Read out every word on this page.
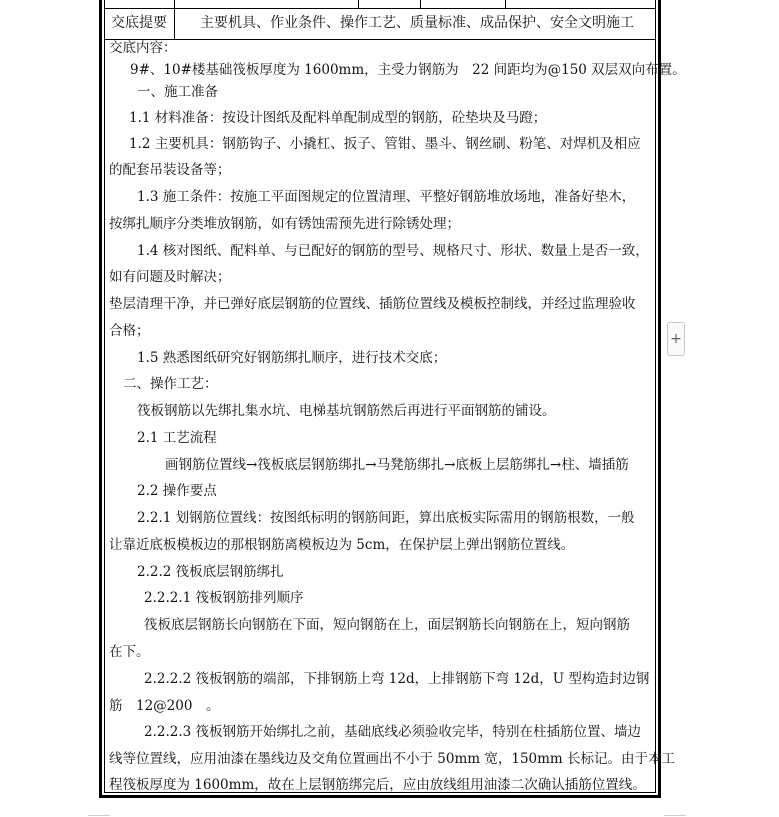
交底提要 主要机具、作业条件、操作工艺、质量标准、成品保护、安全文明施工
交底内容：
9#、10#楼基础筏板厚度为 1600mm，主受力钢筋为　22 间距均为@150 双层双向布置。
一、施工准备
1.1 材料准备：按设计图纸及配料单配制成型的钢筋，砼垫块及马蹬；
1.2 主要机具：钢筋钩子、小撬杠、扳子、管钳、墨斗、钢丝刷、粉笔、对焊机及相应
的配套吊装设备等；
1.3 施工条件：按施工平面图规定的位置清理、平整好钢筋堆放场地，准备好垫木，
按绑扎顺序分类堆放钢筋，如有锈蚀需预先进行除锈处理；
1.4 核对图纸、配料单、与已配好的钢筋的型号、规格尺寸、形状、数量上是否一致，
如有问题及时解决；
垫层清理干净，并已弹好底层钢筋的位置线、插筋位置线及模板控制线，并经过监理验收
合格；
1.5 熟悉图纸研究好钢筋绑扎顺序，进行技术交底；
二、操作工艺：
筏板钢筋以先绑扎集水坑、电梯基坑钢筋然后再进行平面钢筋的铺设。
2.1 工艺流程
画钢筋位置线→筏板底层钢筋绑扎→马凳筋绑扎→底板上层筋绑扎→柱、墙插筋
2.2 操作要点
2.2.1 划钢筋位置线：按图纸标明的钢筋间距，算出底板实际需用的钢筋根数，一般
让靠近底板模板边的那根钢筋离模板边为 5cm，在保护层上弹出钢筋位置线。
2.2.2 筏板底层钢筋绑扎
2.2.2.1 筏板钢筋排列顺序
筏板底层钢筋长向钢筋在下面，短向钢筋在上，面层钢筋长向钢筋在上，短向钢筋
在下。
2.2.2.2 筏板钢筋的端部，下排钢筋上弯 12d，上排钢筋下弯 12d，U 型构造封边钢
筋　12@200　。
2.2.2.3 筏板钢筋开始绑扎之前，基础底线必须验收完毕，特别在柱插筋位置、墙边
线等位置线，应用油漆在墨线边及交角位置画出不小于 50mm 宽，150mm 长标记。由于本工
程筏板厚度为 1600mm，故在上层钢筋绑完后，应由放线组用油漆二次确认插筋位置线。
+
